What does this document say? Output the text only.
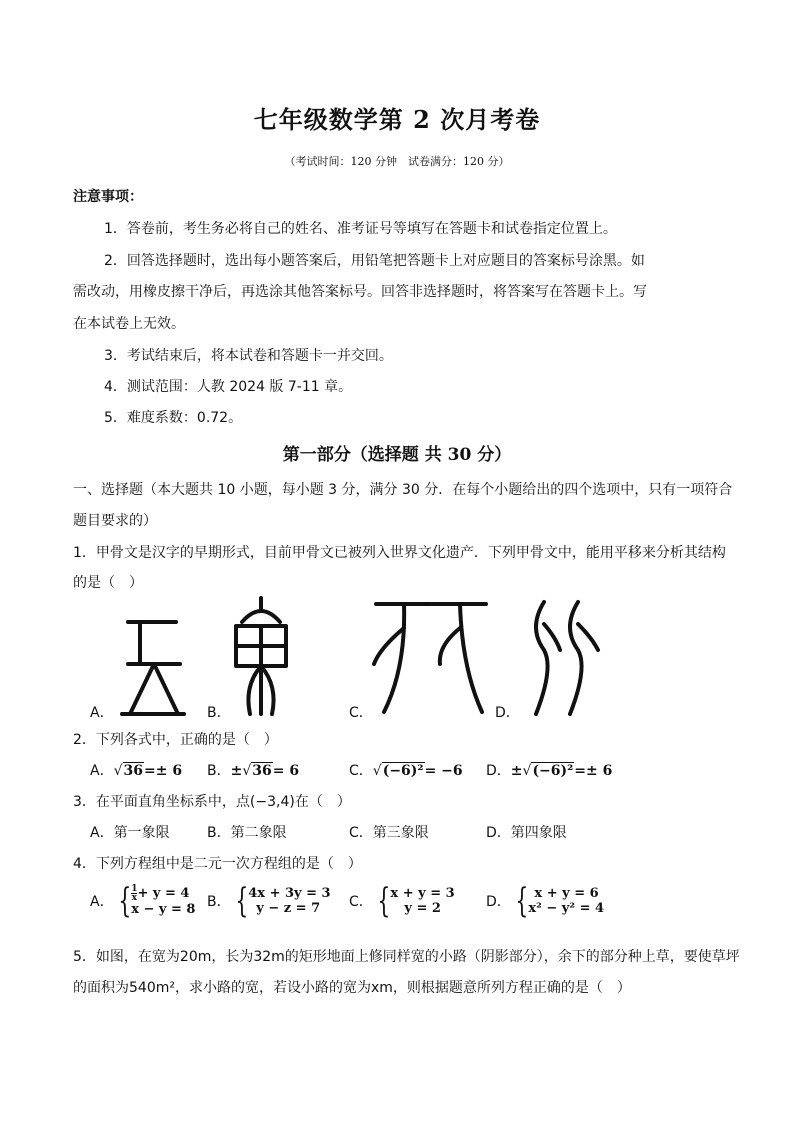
七年级数学第 2 次月考卷
（考试时间：120 分钟　试卷满分：120 分）
注意事项：
1．答卷前，考生务必将自己的姓名、准考证号等填写在答题卡和试卷指定位置上。
2．回答选择题时，选出每小题答案后，用铅笔把答题卡上对应题目的答案标号涂黑。如
需改动，用橡皮擦干净后，再选涂其他答案标号。回答非选择题时，将答案写在答题卡上。写
在本试卷上无效。
3．考试结束后，将本试卷和答题卡一并交回。
4．测试范围：人教 2024 版 7-11 章。
5．难度系数：0.72。
第一部分（选择题 共 30 分）
一、选择题（本大题共 10 小题，每小题 3 分，满分 30 分．在每个小题给出的四个选项中，只有一项符合
题目要求的）
1．甲骨文是汉字的早期形式，目前甲骨文已被列入世界文化遗产．下列甲骨文中，能用平移来分析其结构
的是（　）
A．	B．	C．	D．
2．下列各式中，正确的是（　）
A．√36=± 6 B．±√36= 6	C．√(−6)²= −6 D．±√(−6)²=± 6
3．在平面直角坐标系中，点(−3,4)在（　）
A．第一象限	B．第二象限	C．第三象限	D．第四象限
4．下列方程组中是二元一次方程组的是（　）
A． { $\frac{1}{x} + y = 4$
x − y = 8 B． { 4x + 3y = 3
y − z = 7	C． { x + y = 3
y = 2	D． { x + y = 6
x² − y² = 4
5．如图，在宽为20m，长为32m的矩形地面上修同样宽的小路（阴影部分），余下的部分种上草，要使草坪
的面积为540m²，求小路的宽，若设小路的宽为xm，则根据题意所列方程正确的是（　）
